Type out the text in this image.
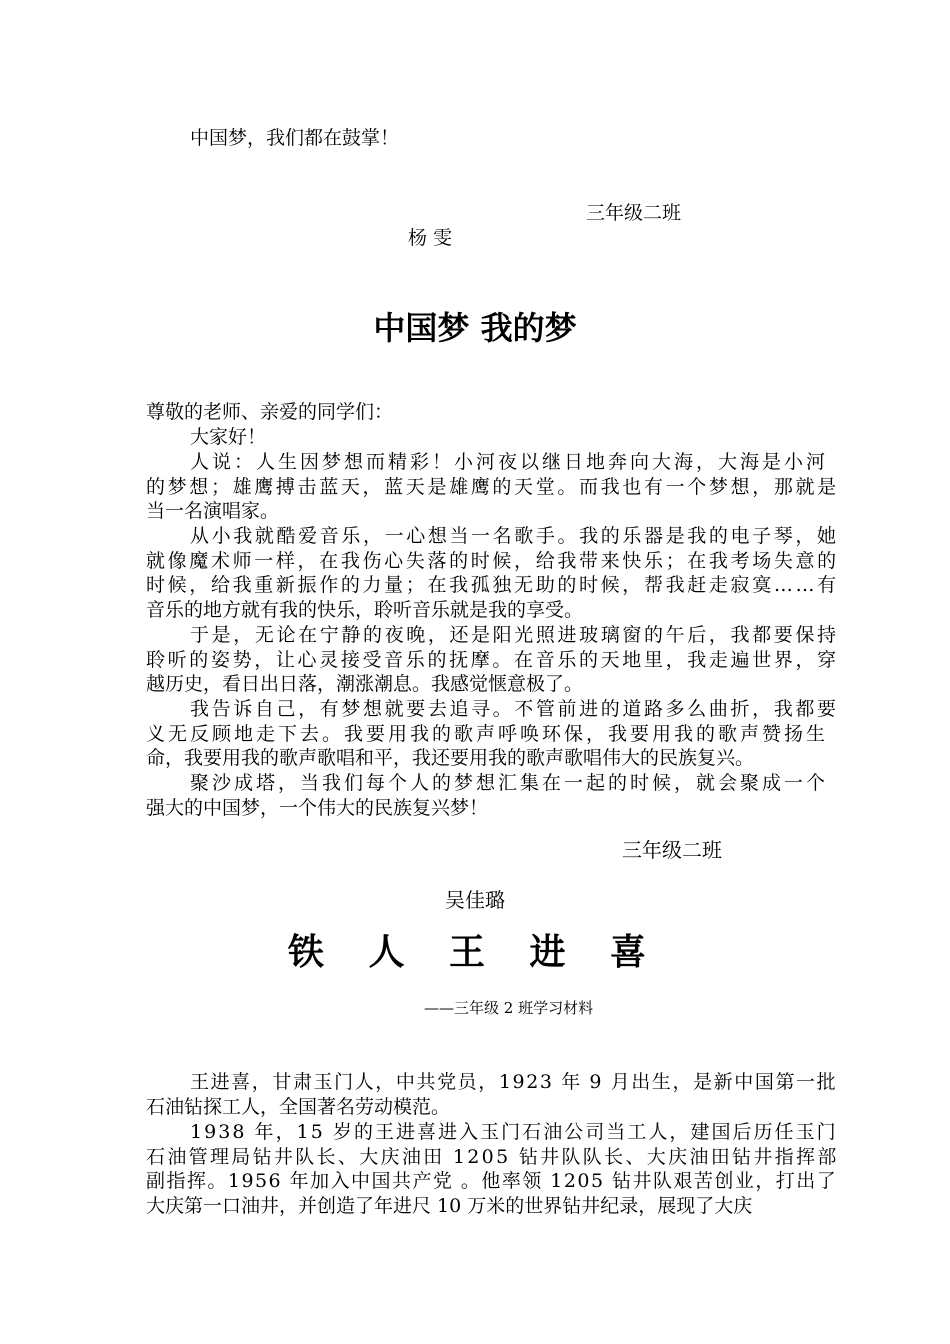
中国梦，我们都在鼓掌！
三年级二班
杨 雯
中国梦 我的梦
尊敬的老师、亲爱的同学们：
大家好！
人说：人生因梦想而精彩！小河夜以继日地奔向大海，大海是小河
的梦想；雄鹰搏击蓝天，蓝天是雄鹰的天堂。而我也有一个梦想，那就是
当一名演唱家。
从小我就酷爱音乐，一心想当一名歌手。我的乐器是我的电子琴，她
就像魔术师一样，在我伤心失落的时候，给我带来快乐；在我考场失意的
时候，给我重新振作的力量；在我孤独无助的时候，帮我赶走寂寞……有
音乐的地方就有我的快乐，聆听音乐就是我的享受。
于是，无论在宁静的夜晚，还是阳光照进玻璃窗的午后，我都要保持
聆听的姿势，让心灵接受音乐的抚摩。在音乐的天地里，我走遍世界，穿
越历史，看日出日落，潮涨潮息。我感觉惬意极了。
我告诉自己，有梦想就要去追寻。不管前进的道路多么曲折，我都要
义无反顾地走下去。我要用我的歌声呼唤环保，我要用我的歌声赞扬生
命，我要用我的歌声歌唱和平，我还要用我的歌声歌唱伟大的民族复兴。
聚沙成塔，当我们每个人的梦想汇集在一起的时候，就会聚成一个
强大的中国梦，一个伟大的民族复兴梦！
三年级二班
吴佳璐
铁 人 王 进 喜
——三年级 2 班学习材料
王进喜，甘肃玉门人，中共党员，1923 年 9 月出生，是新中国第一批
石油钻探工人，全国著名劳动模范。
1938 年，15 岁的王进喜进入玉门石油公司当工人，建国后历任玉门
石油管理局钻井队长、大庆油田 1205 钻井队队长、大庆油田钻井指挥部
副指挥。1956 年加入中国共产党 。他率领 1205 钻井队艰苦创业，打出了
大庆第一口油井，并创造了年进尺 10 万米的世界钻井纪录，展现了大庆
